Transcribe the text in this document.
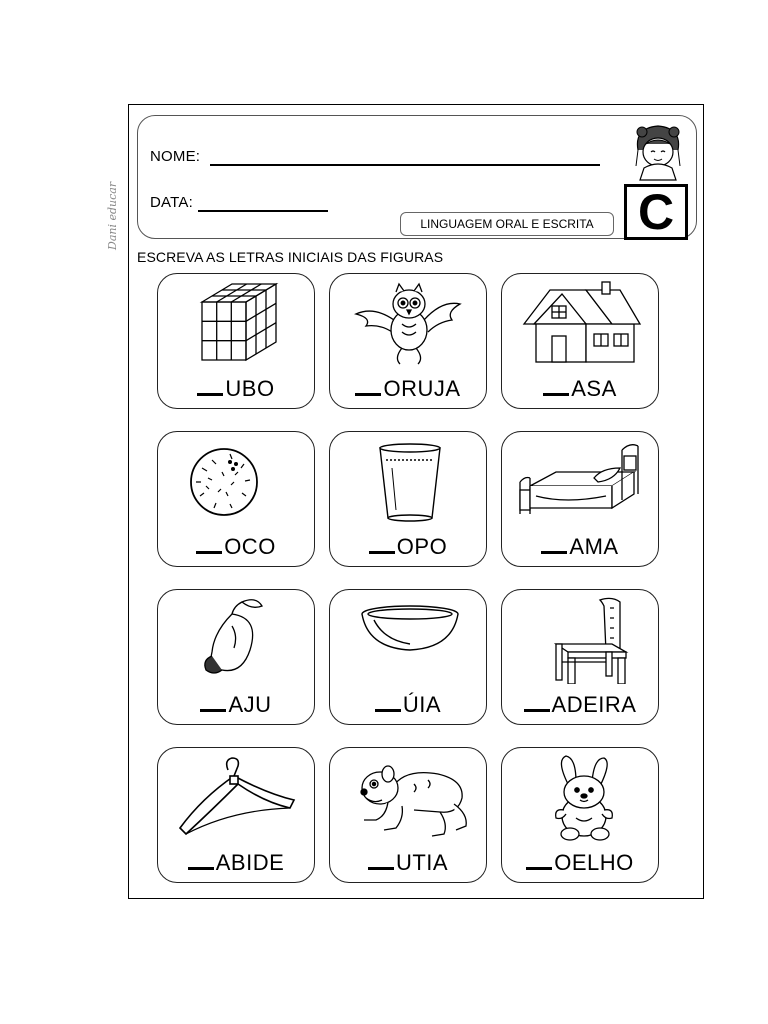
NOME:
DATA:
LINGUAGEM ORAL E ESCRITA C
ESCREVA AS LETRAS INICIAIS DAS FIGURAS
UBO	ORUJA	ASA
OCO	OPO	AMA
AJU	ÚIA	ADEIRA
ABIDE	UTIA	OELHO
Dani educar
